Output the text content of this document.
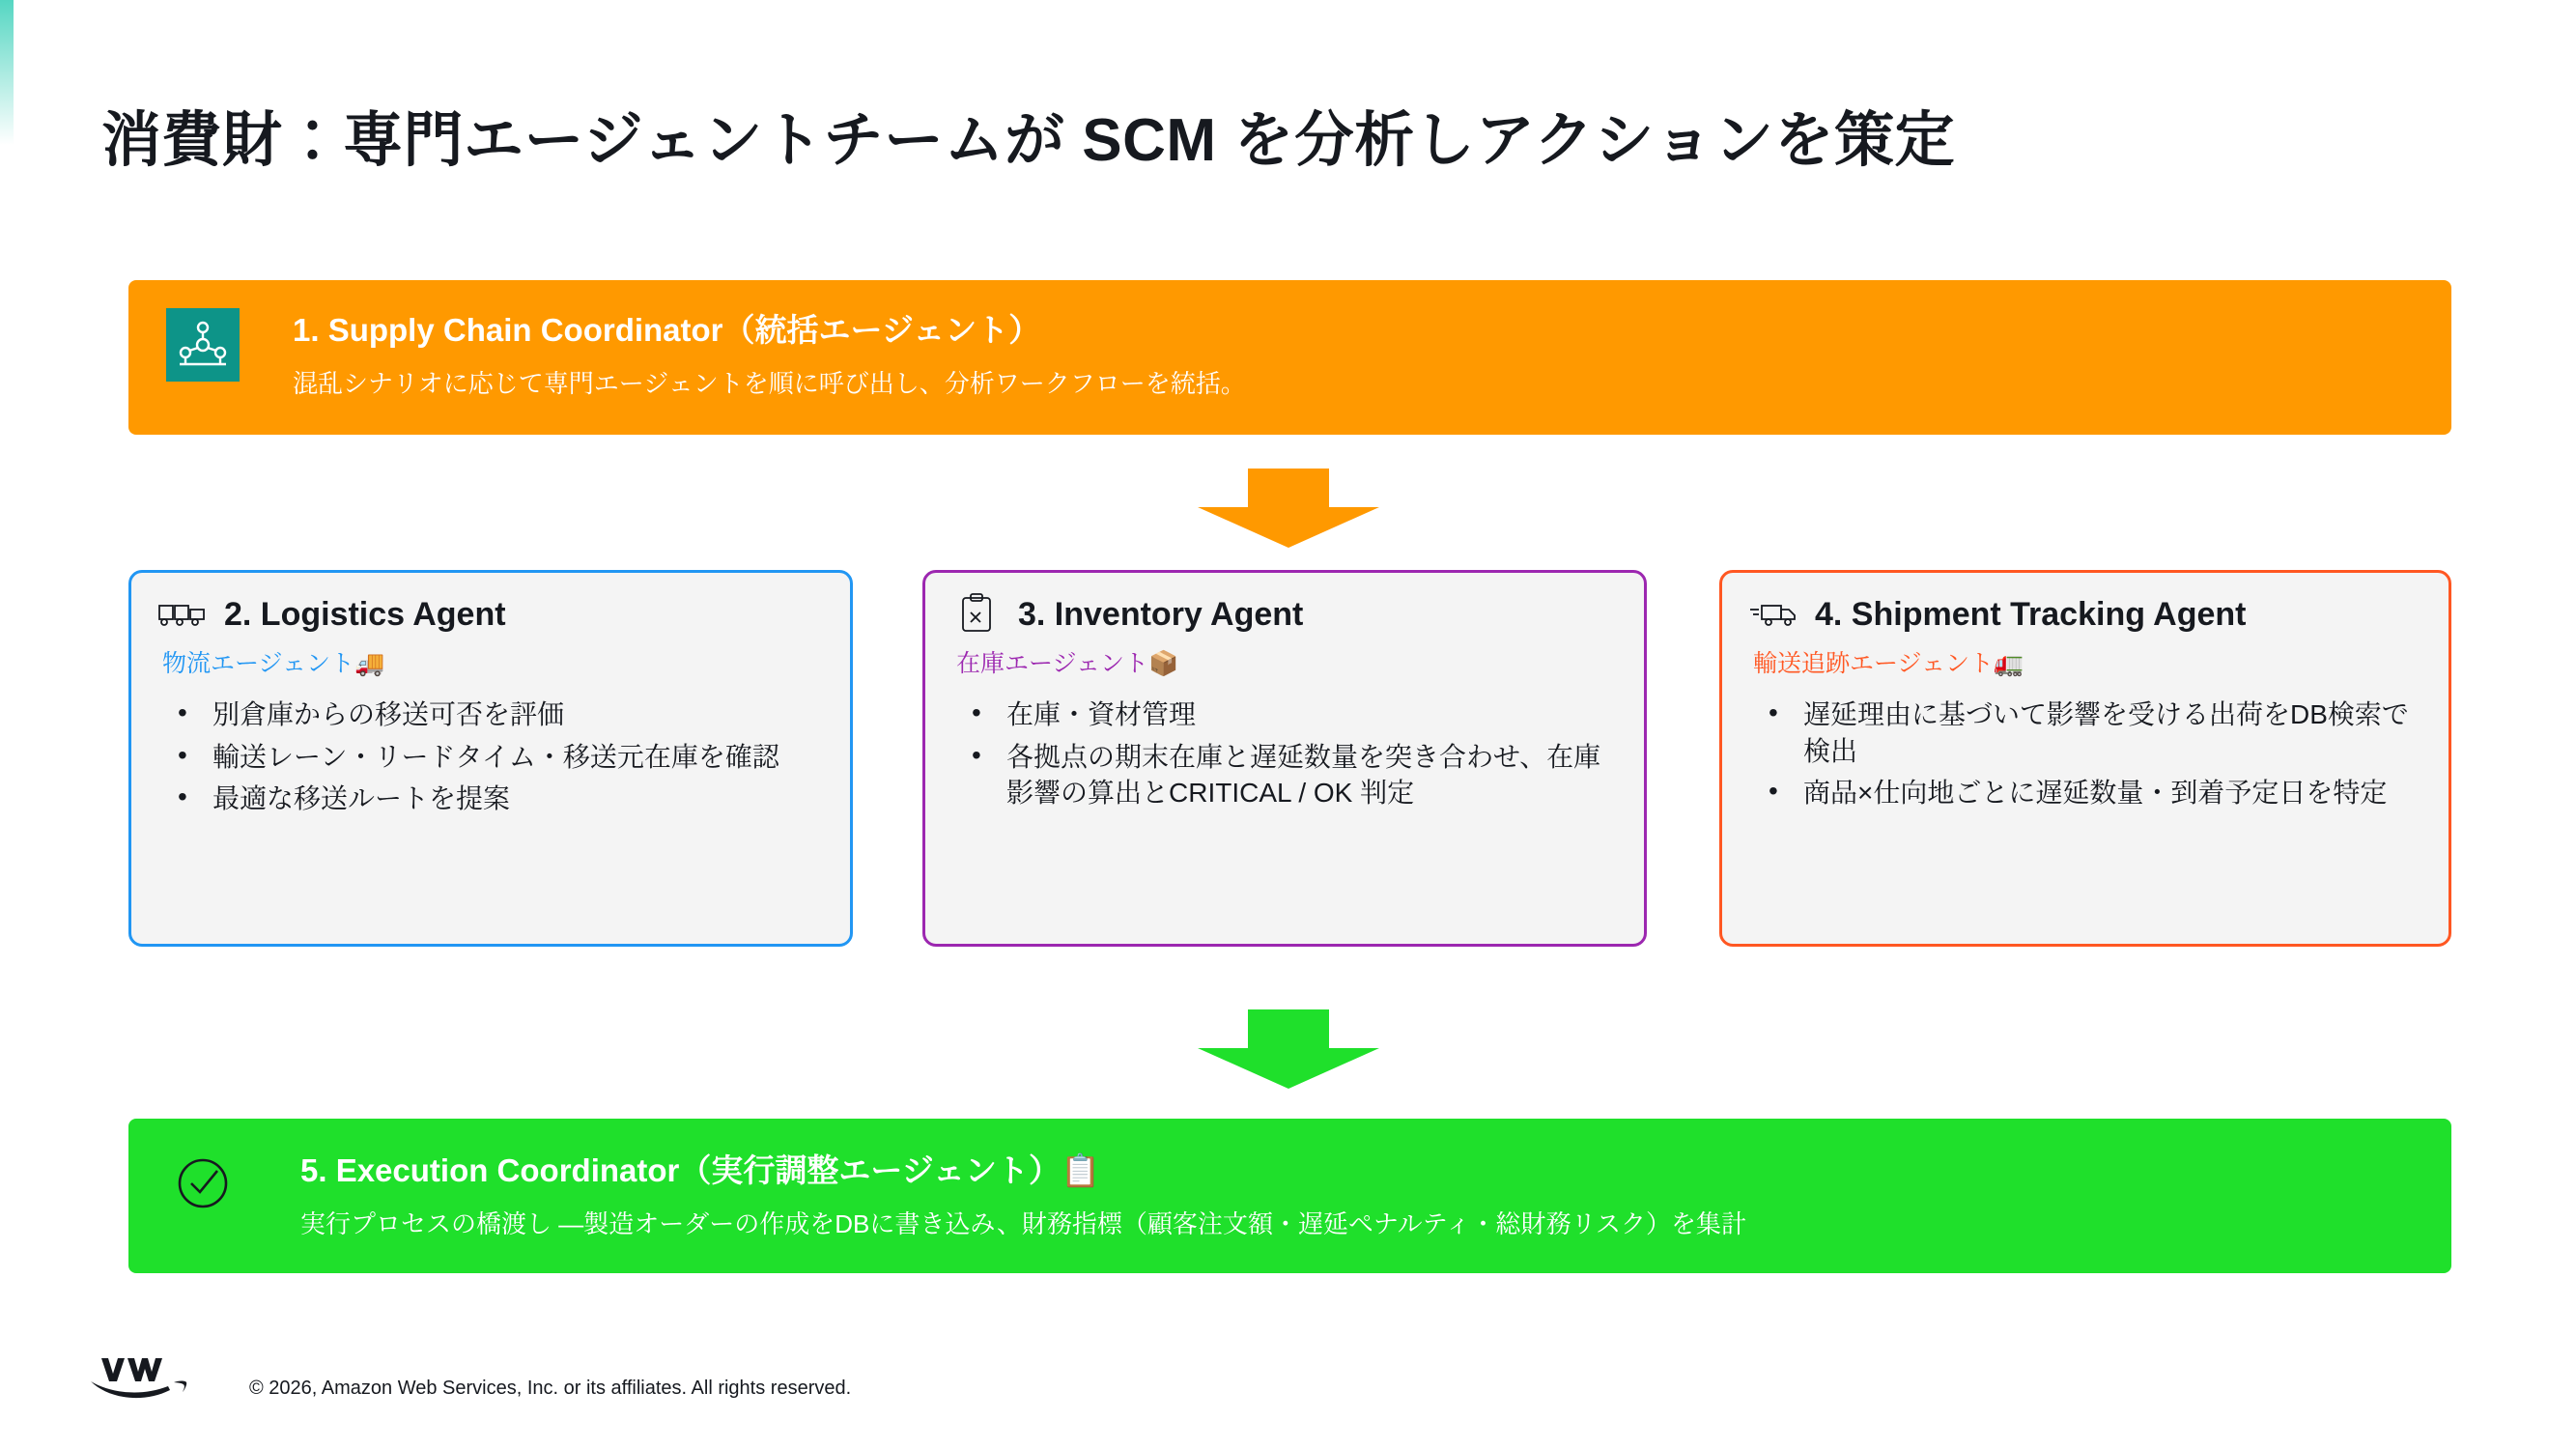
消費財：専門エージェントチームが SCM を分析しアクションを策定
1. Supply Chain Coordinator（統括エージェント）
混乱シナリオに応じて専門エージェントを順に呼び出し、分析ワークフローを統括。
2. Logistics Agent
物流エージェント🚚
• 別倉庫からの移送可否を評価
• 輸送レーン・リードタイム・移送元在庫を確認
• 最適な移送ルートを提案
3. Inventory Agent
在庫エージェント📦
• 在庫・資材管理
• 各拠点の期末在庫と遅延数量を突き合わせ、在庫影響の算出とCRITICAL / OK 判定
4. Shipment Tracking Agent
輸送追跡エージェント🚛
• 遅延理由に基づいて影響を受ける出荷をDB検索で検出
• 商品×仕向地ごとに遅延数量・到着予定日を特定
5. Execution Coordinator（実行調整エージェント）📋
実行プロセスの橋渡し ―製造オーダーの作成をDBに書き込み、財務指標（顧客注文額・遅延ペナルティ・総財務リスク）を集計
© 2026, Amazon Web Services, Inc. or its affiliates. All rights reserved.
